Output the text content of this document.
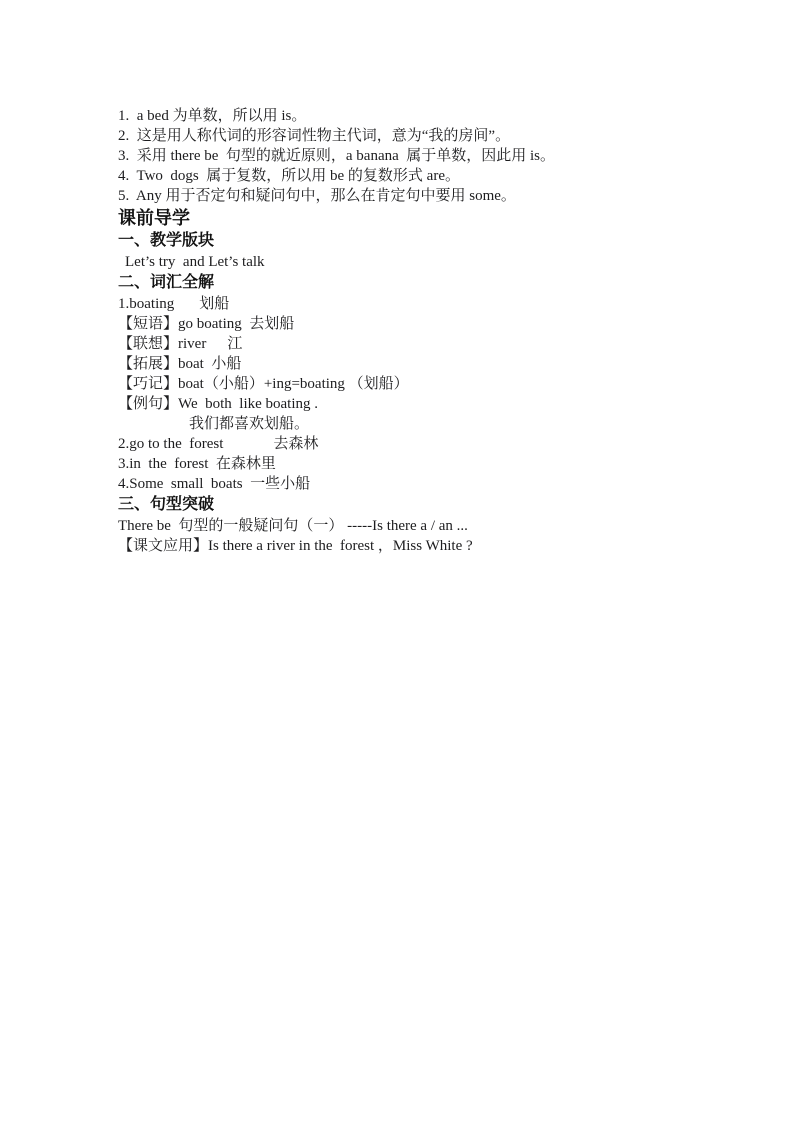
1.  a bed 为单数，所以用 is。

2.  这是用人称代词的形容词性物主代词，意为“我的房间”。

3.  采用 there be  句型的就近原则，a banana  属于单数，因此用 is。

4.  Two  dogs  属于复数，所以用 be 的复数形式 are。

5.  Any 用于否定句和疑问句中，那么在肯定句中要用 some。

课前导学
一、教学版块

Let’s try  and Let’s talk

二、词汇全解

1.boating 划船

【短语】go boating  去划船

【联想】river 江

【拓展】boat  小船

【巧记】boat（小船）+ing=boating （划船）

【例句】We  both  like boating .

我们都喜欢划船。

2.go to the  forest	去森林

3.in  the  forest  在森林里

4.Some  small  boats  一些小船

三、句型突破

There be  句型的一般疑问句（一） -----Is there a / an ...

【课文应用】Is there a river in the  forest ，Miss White ?
